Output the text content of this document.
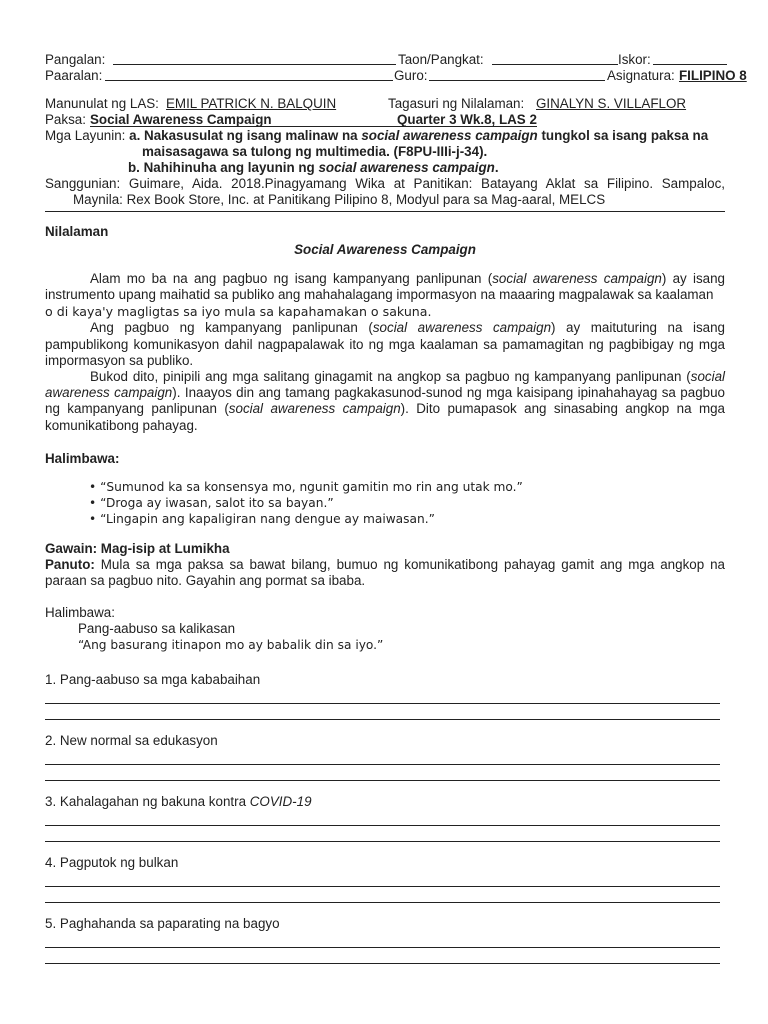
Pangalan:	Taon/Pangkat:	Iskor:
Paaralan:	Guro:	Asignatura: FILIPINO 8
Manunulat ng LAS: EMIL PATRICK N. BALQUIN	Tagasuri ng Nilalaman: GINALYN S. VILLAFLOR
Paksa: Social Awareness Campaign	Quarter 3 Wk.8, LAS 2
Mga Layunin: a. Nakasusulat ng isang malinaw na social awareness campaign tungkol sa isang paksa na
maisasagawa sa tulong ng multimedia. (F8PU-IIIi-j-34).
b. Nahihinuha ang layunin ng social awareness campaign.
Sanggunian: Guimare, Aida. 2018.Pinagyamang Wika at Panitikan: Batayang Aklat sa Filipino. Sampaloc,
Maynila: Rex Book Store, Inc. at Panitikang Pilipino 8, Modyul para sa Mag-aaral, MELCS
Nilalaman
Social Awareness Campaign

Alam mo ba na ang pagbuo ng isang kampanyang panlipunan (social awareness campaign) ay isang instrumento upang maihatid sa publiko ang mahahalagang impormasyon na maaaring magpalawak sa kaalaman

o di kaya'y magligtas sa iyo mula sa kapahamakan o sakuna.

Ang pagbuo ng kampanyang panlipunan (social awareness campaign) ay maituturing na isang pampublikong komunikasyon dahil nagpapalawak ito ng mga kaalaman sa pamamagitan ng pagbibigay ng mga impormasyon sa publiko.

Bukod dito, pinipili ang mga salitang ginagamit na angkop sa pagbuo ng kampanyang panlipunan (social awareness campaign). Inaayos din ang tamang pagkakasunod-sunod ng mga kaisipang ipinahahayag sa pagbuo ng kampanyang panlipunan (social awareness campaign). Dito pumapasok ang sinasabing angkop na mga komunikatibong pahayag.

Halimbawa:
• “Sumunod ka sa konsensya mo, ngunit gamitin mo rin ang utak mo.”
• “Droga ay iwasan, salot ito sa bayan.”
• “Lingapin ang kapaligiran nang dengue ay maiwasan.”
Gawain: Mag-isip at Lumikha

Panuto: Mula sa mga paksa sa bawat bilang, bumuo ng komunikatibong pahayag gamit ang mga angkop na paraan sa pagbuo nito. Gayahin ang pormat sa ibaba.

Halimbawa:
Pang-aabuso sa kalikasan
“Ang basurang itinapon mo ay babalik din sa iyo.”
1. Pang-aabuso sa mga kababaihan
2. New normal sa edukasyon
3. Kahalagahan ng bakuna kontra COVID-19
4. Pagputok ng bulkan
5. Paghahanda sa paparating na bagyo
